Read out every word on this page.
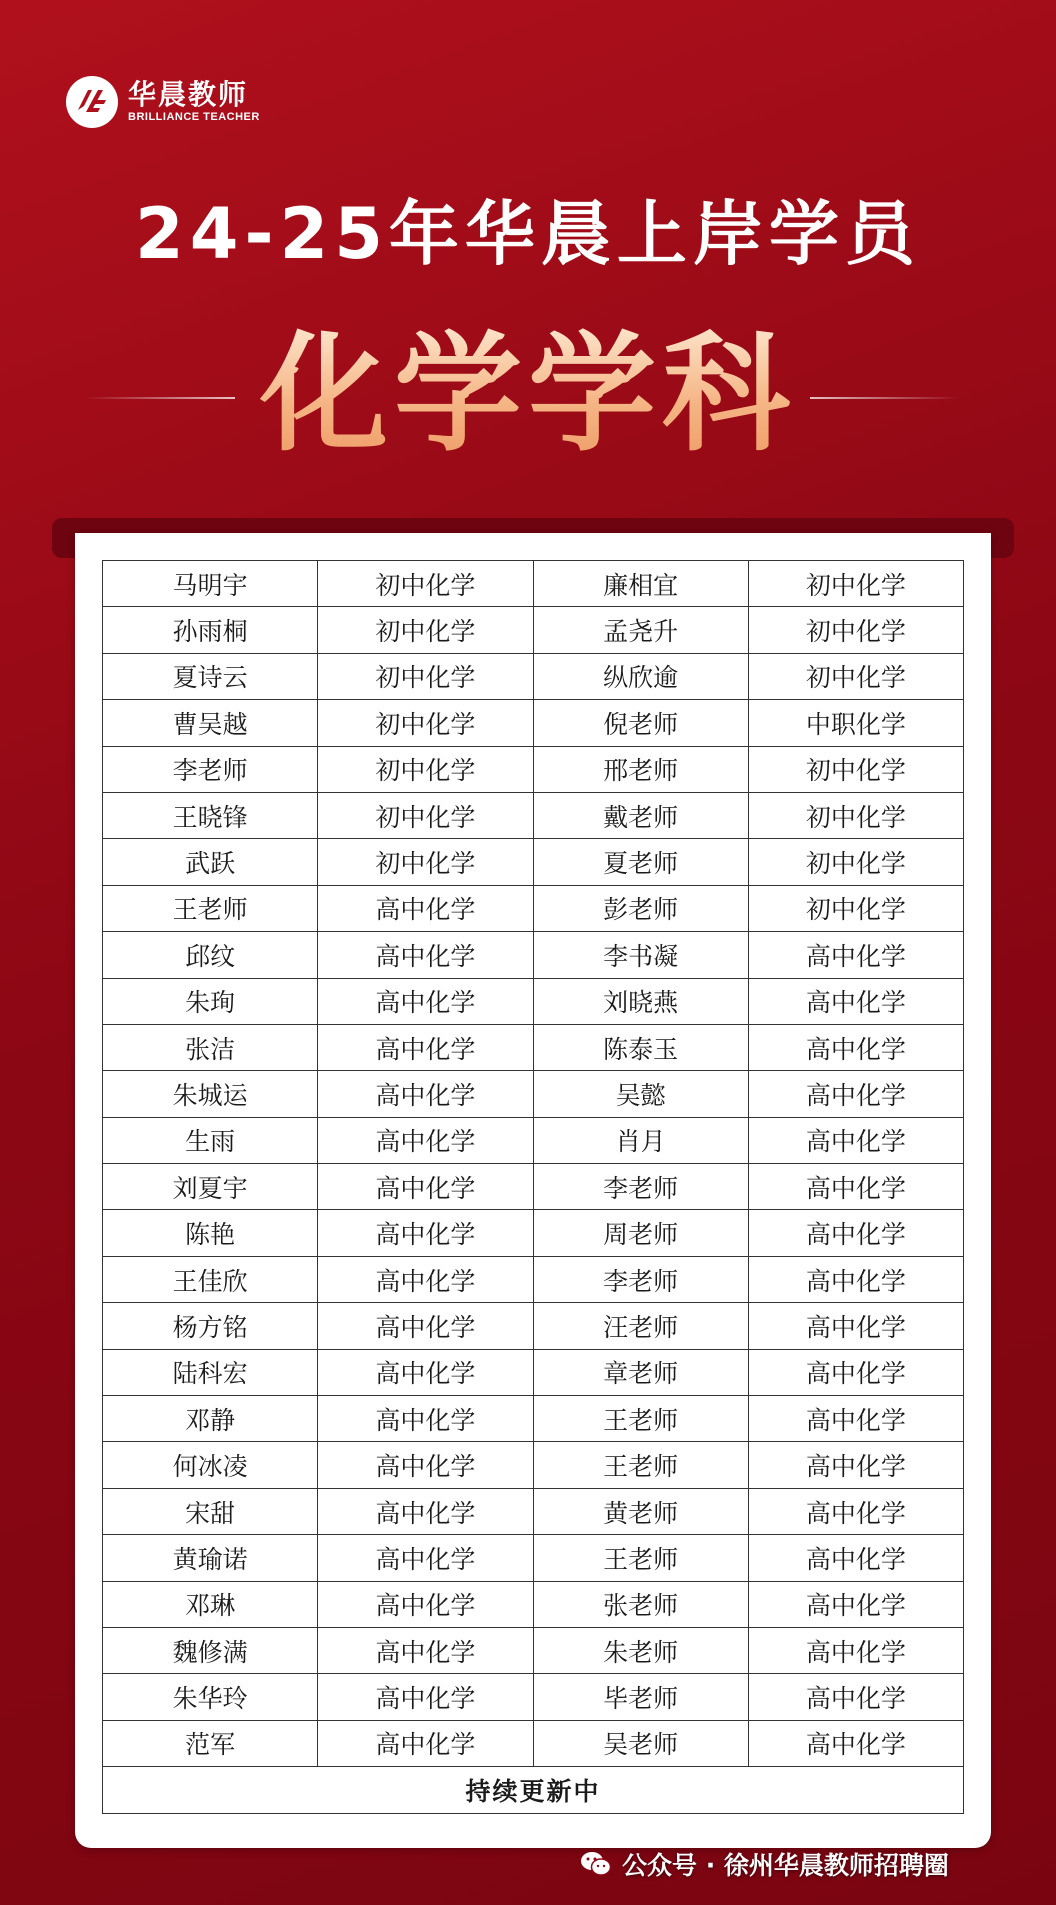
华晨教师
BRILLIANCE TEACHER
24-25年华晨上岸学员
化学学科
马明宇	初中化学	廉相宜	初中化学
孙雨桐	初中化学	孟尧升	初中化学
夏诗云	初中化学	纵欣逾	初中化学
曹吴越	初中化学	倪老师	中职化学
李老师	初中化学	邢老师	初中化学
王晓锋	初中化学	戴老师	初中化学
武跃	初中化学	夏老师	初中化学
王老师	高中化学	彭老师	初中化学
邱纹	高中化学	李书凝	高中化学
朱珣	高中化学	刘晓燕	高中化学
张洁	高中化学	陈泰玉	高中化学
朱城运	高中化学	吴懿	高中化学
生雨	高中化学	肖月	高中化学
刘夏宇	高中化学	李老师	高中化学
陈艳	高中化学	周老师	高中化学
王佳欣	高中化学	李老师	高中化学
杨方铭	高中化学	汪老师	高中化学
陆科宏	高中化学	章老师	高中化学
邓静	高中化学	王老师	高中化学
何冰凌	高中化学	王老师	高中化学
宋甜	高中化学	黄老师	高中化学
黄瑜诺	高中化学	王老师	高中化学
邓琳	高中化学	张老师	高中化学
魏修满	高中化学	朱老师	高中化学
朱华玲	高中化学	毕老师	高中化学
范军	高中化学	吴老师	高中化学
持续更新中			
公众号 · 徐州华晨教师招聘圈
